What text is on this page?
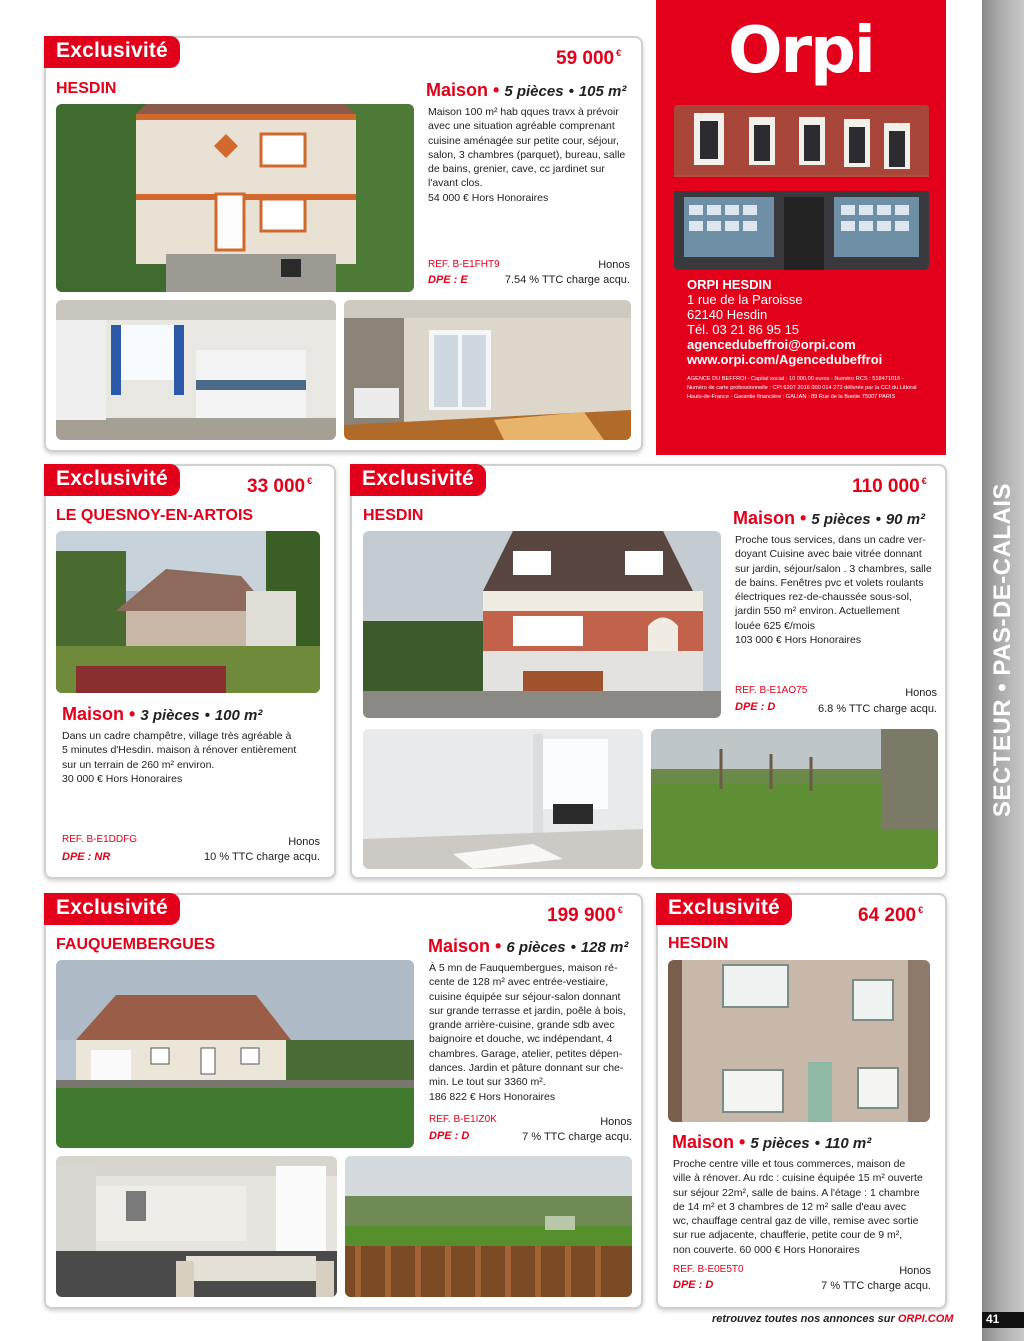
SECTEUR • PAS-DE-CALAIS
Orpi
ORPI HESDIN
1 rue de la Paroisse
62140 Hesdin
Tél. 03 21 86 95 15
agencedubeffroi@orpi.com
www.orpi.com/Agencedubeffroi
AGENCE DU BEFFROI - Capital social : 10 000,00 euros - Numéro RCS : 518471016 -
Numéro de carte professionnelle : CPI 6207 2016 000 014 273 délivrée par la CCI du Littoral
Hauts-de-France - Garantie financière : GALIAN : 89 Rue de la Boetie 75007 PARIS
Exclusivité	59 000 €
HESDIN	Maison • 5 pièces • 105 m²
Maison 100 m² hab qques travx à prévoir
avec une situation agréable comprenant
cuisine aménagée sur petite cour, séjour,
salon, 3 chambres (parquet), bureau, salle
de bains, grenier, cave, cc jardinet sur
l'avant clos.
54 000 € Hors Honoraires
REF. B-E1FHT9
DPE : E
Honos
7.54 % TTC charge acqu.
Exclusivité	33 000 €
LE QUESNOY-EN-ARTOIS
Maison • 3 pièces • 100 m²
Dans un cadre champêtre, village très agréable à
5 minutes d'Hesdin. maison à rénover entièrement
sur un terrain de 260 m² environ.
30 000 € Hors Honoraires
REF. B-E1DDFG
DPE : NR
Honos
10 % TTC charge acqu.
Exclusivité	110 000 €
HESDIN	Maison • 5 pièces • 90 m²
Proche tous services, dans un cadre ver-
doyant Cuisine avec baie vitrée donnant
sur jardin, séjour/salon . 3 chambres, salle
de bains. Fenêtres pvc et volets roulants
électriques rez-de-chaussée sous-sol,
jardin 550 m² environ. Actuellement
louée 625 €/mois
103 000 € Hors Honoraires
REF. B-E1AO75
DPE : D
Honos
6.8 % TTC charge acqu.
Exclusivité	199 900 €
FAUQUEMBERGUES	Maison • 6 pièces • 128 m²
À 5 mn de Fauquembergues, maison ré-
cente de 128 m² avec entrée-vestiaire,
cuisine équipée sur séjour-salon donnant
sur grande terrasse et jardin, poêle à bois,
grande arrière-cuisine, grande sdb avec
baignoire et douche, wc indépendant, 4
chambres. Garage, atelier, petites dépen-
dances. Jardin et pâture donnant sur che-
min. Le tout sur 3360 m².
186 822 € Hors Honoraires
REF. B-E1IZ0K
DPE : D
Honos
7 % TTC charge acqu.
Exclusivité	64 200 €
HESDIN
Maison • 5 pièces • 110 m²
Proche centre ville et tous commerces, maison de
ville à rénover. Au rdc : cuisine équipée 15 m² ouverte
sur séjour 22m², salle de bains. A l'étage : 1 chambre
de 14 m² et 3 chambres de 12 m² salle d'eau avec
wc, chauffage central gaz de ville, remise avec sortie
sur rue adjacente, chaufferie, petite cour de 9 m²,
non couverte. 60 000 € Hors Honoraires
REF. B-E0E5T0
DPE : D
Honos
7 % TTC charge acqu.
retrouvez toutes nos annonces sur ORPI.COM	41
